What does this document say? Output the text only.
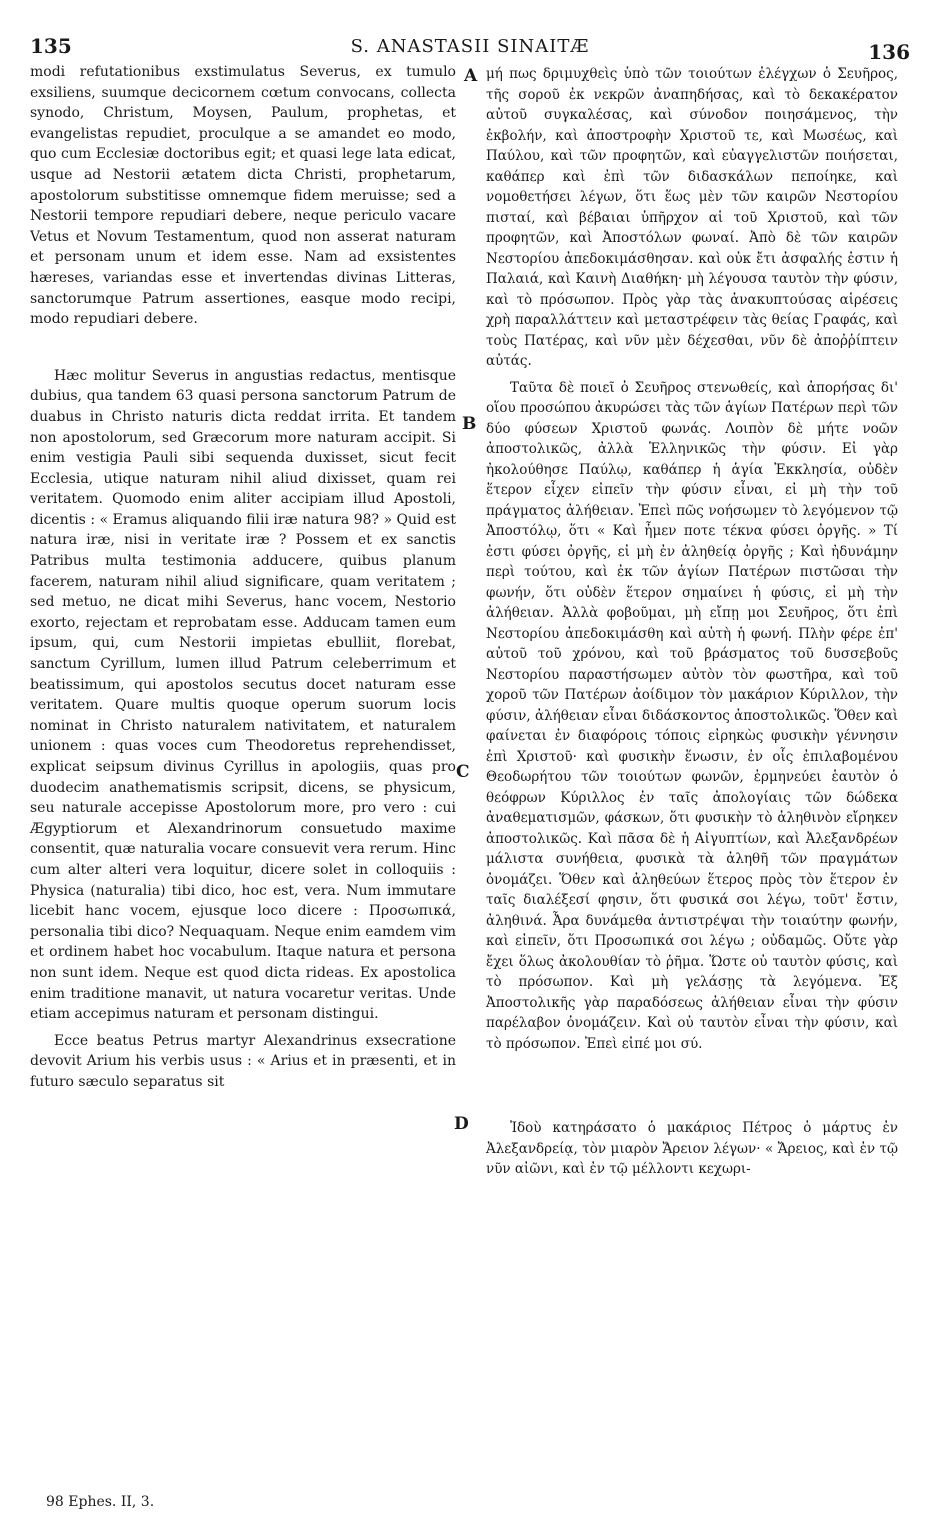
135	S. ANASTASII SINAITÆ	136
A
B
C
D

modi refutationibus exstimulatus Severus, ex tumulo exsiliens, suumque decicornem cœtum convocans, collecta synodo, Christum, Moysen, Paulum, prophetas, et evangelistas repudiet, proculque a se amandet eo modo, quo cum Ecclesiæ doctoribus egit; et quasi lege lata edicat, usque ad Nestorii ætatem dicta Christi, prophetarum, apostolorum substitisse omnemque fidem meruisse; sed a Nestorii tempore repudiari debere, neque periculo vacare Vetus et Novum Testamentum, quod non asserat naturam et personam unum et idem esse. Nam ad exsistentes hæreses, variandas esse et invertendas divinas Litteras, sanctorumque Patrum assertiones, easque modo recipi, modo repudiari debere.

Hæc molitur Severus in angustias redactus, mentisque dubius, qua tandem 63 quasi persona sanctorum Patrum de duabus in Christo naturis dicta reddat irrita. Et tandem non apostolorum, sed Græcorum more naturam accipit. Si enim vestigia Pauli sibi sequenda duxisset, sicut fecit Ecclesia, utique naturam nihil aliud dixisset, quam rei veritatem. Quomodo enim aliter accipiam illud Apostoli, dicentis : « Eramus aliquando filii iræ natura 98? » Quid est natura iræ, nisi in veritate iræ ? Possem et ex sanctis Patribus multa testimonia adducere, quibus planum facerem, naturam nihil aliud significare, quam veritatem ; sed metuo, ne dicat mihi Severus, hanc vocem, Nestorio exorto, rejectam et reprobatam esse. Adducam tamen eum ipsum, qui, cum Nestorii impietas ebulliit, florebat, sanctum Cyrillum, lumen illud Patrum celeberrimum et beatissimum, qui apostolos secutus docet naturam esse veritatem. Quare multis quoque operum suorum locis nominat in Christo naturalem nativitatem, et naturalem unionem : quas voces cum Theodoretus reprehendisset, explicat seipsum divinus Cyrillus in apologiis, quas pro duodecim anathematismis scripsit, dicens, se physicum, seu naturale accepisse Apostolorum more, pro vero : cui Ægyptiorum et Alexandrinorum consuetudo maxime consentit, quæ naturalia vocare consuevit vera rerum. Hinc cum alter alteri vera loquitur, dicere solet in colloquiis : Physica (naturalia) tibi dico, hoc est, vera. Num immutare licebit hanc vocem, ejusque loco dicere : Προσωπικά, personalia tibi dico? Nequaquam. Neque enim eamdem vim et ordinem habet hoc vocabulum. Itaque natura et persona non sunt idem. Neque est quod dicta rideas. Ex apostolica enim traditione manavit, ut natura vocaretur veritas. Unde etiam accepimus naturam et personam distingui.

Ecce beatus Petrus martyr Alexandrinus exsecratione devovit Arium his verbis usus : « Arius et in præsenti, et in futuro sæculo separatus sit

μή πως δριμυχθεὶς ὑπὸ τῶν τοιούτων ἐλέγχων ὁ Σευῆρος, τῆς σοροῦ ἐκ νεκρῶν ἀναπηδήσας, καὶ τὸ δεκακέρατον αὐτοῦ συγκαλέσας, καὶ σύνοδον ποιησάμενος, τὴν ἐκβολήν, καὶ ἀποστροφὴν Χριστοῦ τε, καὶ Μωσέως, καὶ Παύλου, καὶ τῶν προφητῶν, καὶ εὐαγγελιστῶν ποιήσεται, καθάπερ καὶ ἐπὶ τῶν διδασκάλων πεποίηκε, καὶ νομοθετήσει λέγων, ὅτι ἕως μὲν τῶν καιρῶν Νεστορίου πισταί, καὶ βέβαιαι ὑπῆρχον αἱ τοῦ Χριστοῦ, καὶ τῶν προφητῶν, καὶ Ἀποστόλων φωναί. Ἀπὸ δὲ τῶν καιρῶν Νεστορίου ἀπεδοκιμάσθησαν. καὶ οὐκ ἔτι ἀσφαλής ἐστιν ἡ Παλαιά, καὶ Καινὴ Διαθήκη· μὴ λέγουσα ταυτὸν τὴν φύσιν, καὶ τὸ πρόσωπον. Πρὸς γὰρ τὰς ἀνακυπτούσας αἱρέσεις χρὴ παραλλάττειν καὶ μεταστρέφειν τὰς θείας Γραφάς, καὶ τοὺς Πατέρας, καὶ νῦν μὲν δέχεσθαι, νῦν δὲ ἀποῤῥίπτειν αὐτάς.

Ταῦτα δὲ ποιεῖ ὁ Σευῆρος στενωθείς, καὶ ἀπορήσας δι' οἵου προσώπου ἀκυρώσει τὰς τῶν ἁγίων Πατέρων περὶ τῶν δύο φύσεων Χριστοῦ φωνάς. Λοιπὸν δὲ μήτε νοῶν ἀποστολικῶς, ἀλλὰ Ἑλληνικῶς τὴν φύσιν. Εἰ γὰρ ἠκολούθησε Παύλῳ, καθάπερ ἡ ἁγία Ἐκκλησία, οὐδὲν ἕτερον εἶχεν εἰπεῖν τὴν φύσιν εἶναι, εἰ μὴ τὴν τοῦ πράγματος ἀλήθειαν. Ἐπεὶ πῶς νοήσωμεν τὸ λεγόμενον τῷ Ἀποστόλῳ, ὅτι « Καὶ ἦμεν ποτε τέκνα φύσει ὀργῆς. » Τί ἐστι φύσει ὀργῆς, εἰ μὴ ἐν ἀληθείᾳ ὀργῆς ; Καὶ ἠδυνάμην περὶ τούτου, καὶ ἐκ τῶν ἁγίων Πατέρων πιστῶσαι τὴν φωνήν, ὅτι οὐδὲν ἕτερον σημαίνει ἡ φύσις, εἰ μὴ τὴν ἀλήθειαν. Ἀλλὰ φοβοῦμαι, μὴ εἴπῃ μοι Σευῆρος, ὅτι ἐπὶ Νεστορίου ἀπεδοκιμάσθη καὶ αὐτὴ ἡ φωνή. Πλὴν φέρε ἐπ' αὐτοῦ τοῦ χρόνου, καὶ τοῦ βράσματος τοῦ δυσσεβοῦς Νεστορίου παραστήσωμεν αὐτὸν τὸν φωστῆρα, καὶ τοῦ χοροῦ τῶν Πατέρων ἀοίδιμον τὸν μακάριον Κύριλλον, τὴν φύσιν, ἀλήθειαν εἶναι διδάσκοντος ἀποστολικῶς. Ὅθεν καὶ φαίνεται ἐν διαφόροις τόποις εἰρηκὼς φυσικὴν γέννησιν ἐπὶ Χριστοῦ· καὶ φυσικὴν ἕνωσιν, ἐν οἷς ἐπιλαβομένου Θεοδωρήτου τῶν τοιούτων φωνῶν, ἑρμηνεύει ἑαυτὸν ὁ θεόφρων Κύριλλος ἐν ταῖς ἀπολογίαις τῶν δώδεκα ἀναθεματισμῶν, φάσκων, ὅτι φυσικὴν τὸ ἀληθινὸν εἴρηκεν ἀποστολικῶς. Καὶ πᾶσα δὲ ἡ Αἰγυπτίων, καὶ Ἀλεξανδρέων μάλιστα συνήθεια, φυσικὰ τὰ ἀληθῆ τῶν πραγμάτων ὀνομάζει. Ὅθεν καὶ ἀληθεύων ἕτερος πρὸς τὸν ἕτερον ἐν ταῖς διαλέξεσί φησιν, ὅτι φυσικά σοι λέγω, τοῦτ' ἔστιν, ἀληθινά. Ἆρα δυνάμεθα ἀντιστρέψαι τὴν τοιαύτην φωνήν, καὶ εἰπεῖν, ὅτι Προσωπικά σοι λέγω ; οὐδαμῶς. Οὔτε γὰρ ἔχει ὅλως ἀκολουθίαν τὸ ῥῆμα. Ὥστε οὐ ταυτὸν φύσις, καὶ τὸ πρόσωπον. Καὶ μὴ γελάσῃς τὰ λεγόμενα. Ἐξ Ἀποστολικῆς γὰρ παραδόσεως ἀλήθειαν εἶναι τὴν φύσιν παρέλαβον ὀνομάζειν. Καὶ οὐ ταυτὸν εἶναι τὴν φύσιν, καὶ τὸ πρόσωπον. Ἐπεὶ εἰπέ μοι σύ.

Ἰδοὺ κατηράσατο ὁ μακάριος Πέτρος ὁ μάρτυς ἐν Ἀλεξανδρείᾳ, τὸν μιαρὸν Ἄρειον λέγων· « Ἄρειος, καὶ ἐν τῷ νῦν αἰῶνι, καὶ ἐν τῷ μέλλοντι κεχωρι-

98 Ephes. II, 3.
